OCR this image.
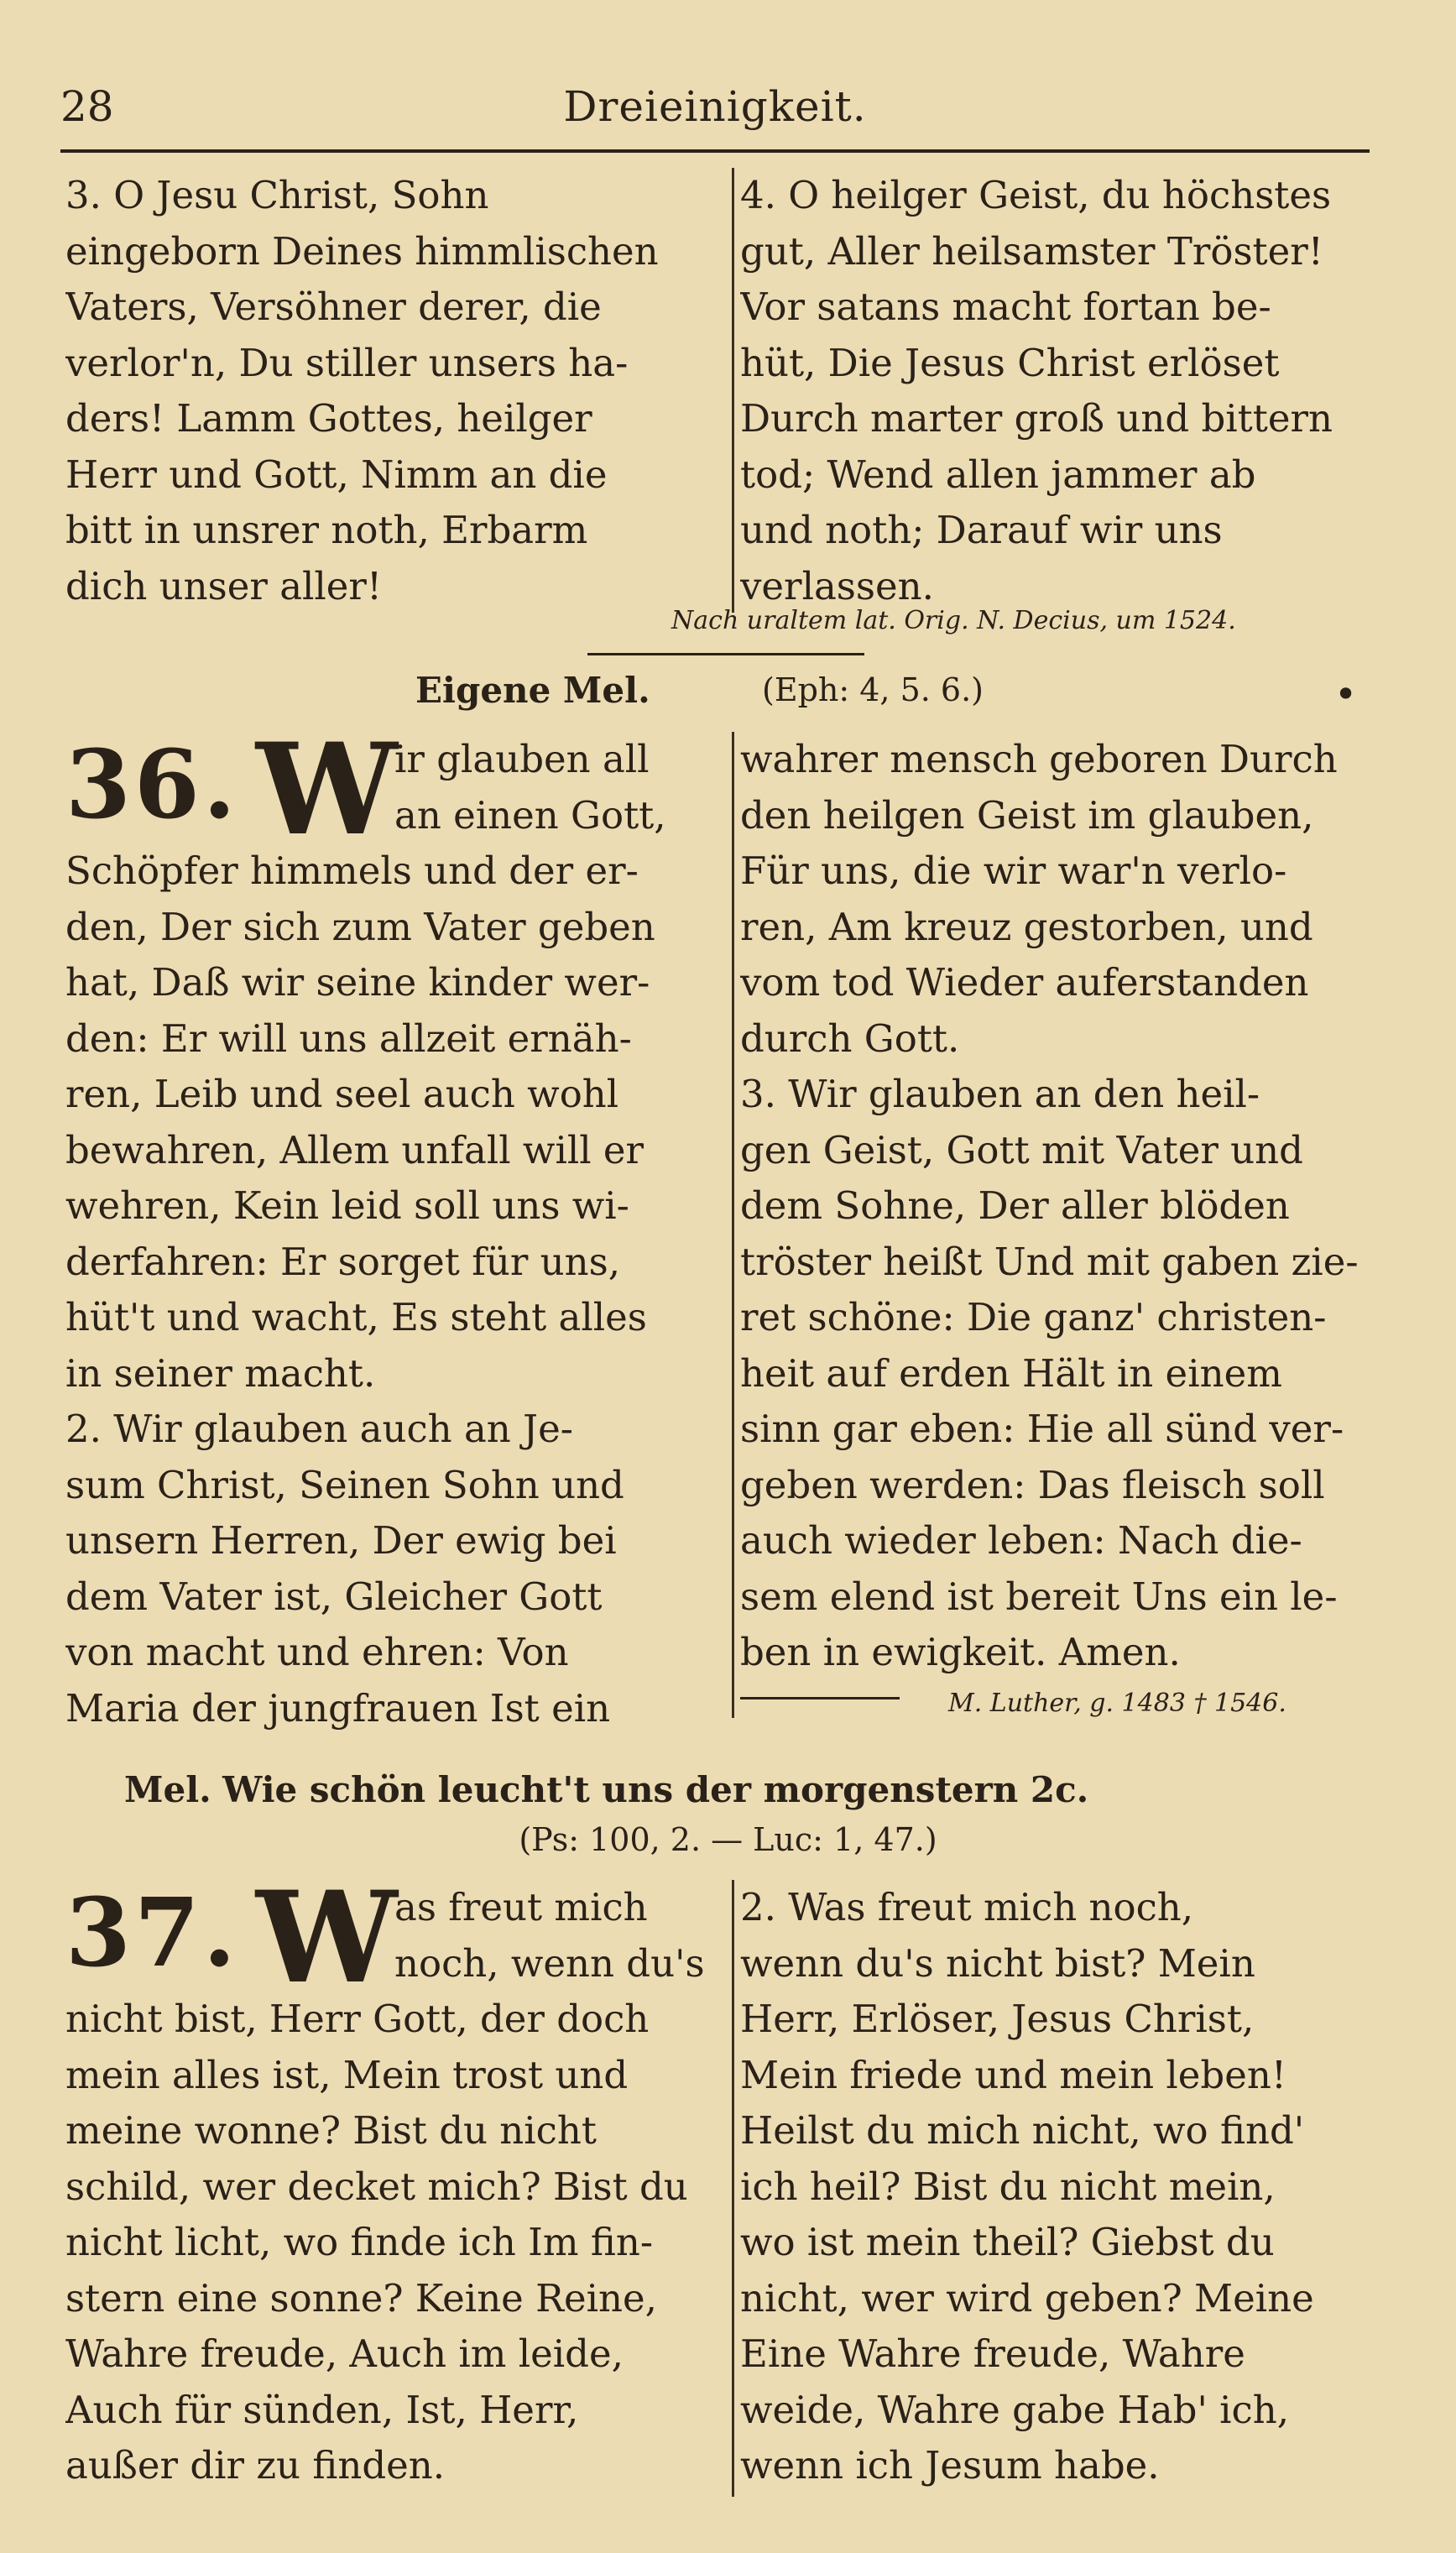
28	Dreieinigkeit.
3. O Jesu Christ, Sohn
eingeborn Deines himmlischen
Vaters, Versöhner derer, die
verlor'n, Du stiller unsers ha-
ders! Lamm Gottes, heilger
Herr und Gott, Nimm an die
bitt in unsrer noth, Erbarm
dich unser aller!
4. O heilger Geist, du höchstes
gut, Aller heilsamster Tröster!
Vor satans macht fortan be-
hüt, Die Jesus Christ erlöset
Durch marter groß und bittern
tod; Wend allen jammer ab
und noth; Darauf wir uns
verlassen.
Nach uraltem lat. Orig. N. Decius, um 1524.
Eigene Mel.	(Eph: 4, 5. 6.)	•
36. W
ir glauben all
an einen Gott,
Schöpfer himmels und der er-
den, Der sich zum Vater geben
hat, Daß wir seine kinder wer-
den: Er will uns allzeit ernäh-
ren, Leib und seel auch wohl
bewahren, Allem unfall will er
wehren, Kein leid soll uns wi-
derfahren: Er sorget für uns,
hüt't und wacht, Es steht alles
in seiner macht.
2. Wir glauben auch an Je-
sum Christ, Seinen Sohn und
unsern Herren, Der ewig bei
dem Vater ist, Gleicher Gott
von macht und ehren: Von
Maria der jungfrauen Ist ein
wahrer mensch geboren Durch
den heilgen Geist im glauben,
Für uns, die wir war'n verlo-
ren, Am kreuz gestorben, und
vom tod Wieder auferstanden
durch Gott.
3. Wir glauben an den heil-
gen Geist, Gott mit Vater und
dem Sohne, Der aller blöden
tröster heißt Und mit gaben zie-
ret schöne: Die ganz' christen-
heit auf erden Hält in einem
sinn gar eben: Hie all sünd ver-
geben werden: Das fleisch soll
auch wieder leben: Nach die-
sem elend ist bereit Uns ein le-
ben in ewigkeit. Amen.
M. Luther, g. 1483 † 1546.
Mel. Wie schön leucht't uns der morgenstern 2c.
(Ps: 100, 2. — Luc: 1, 47.)
37. W
as freut mich
noch, wenn du's
nicht bist, Herr Gott, der doch
mein alles ist, Mein trost und
meine wonne? Bist du nicht
schild, wer decket mich? Bist du
nicht licht, wo finde ich Im fin-
stern eine sonne? Keine Reine,
Wahre freude, Auch im leide,
Auch für sünden, Ist, Herr,
außer dir zu finden.
2. Was freut mich noch,
wenn du's nicht bist? Mein
Herr, Erlöser, Jesus Christ,
Mein friede und mein leben!
Heilst du mich nicht, wo find'
ich heil? Bist du nicht mein,
wo ist mein theil? Giebst du
nicht, wer wird geben? Meine
Eine Wahre freude, Wahre
weide, Wahre gabe Hab' ich,
wenn ich Jesum habe.
